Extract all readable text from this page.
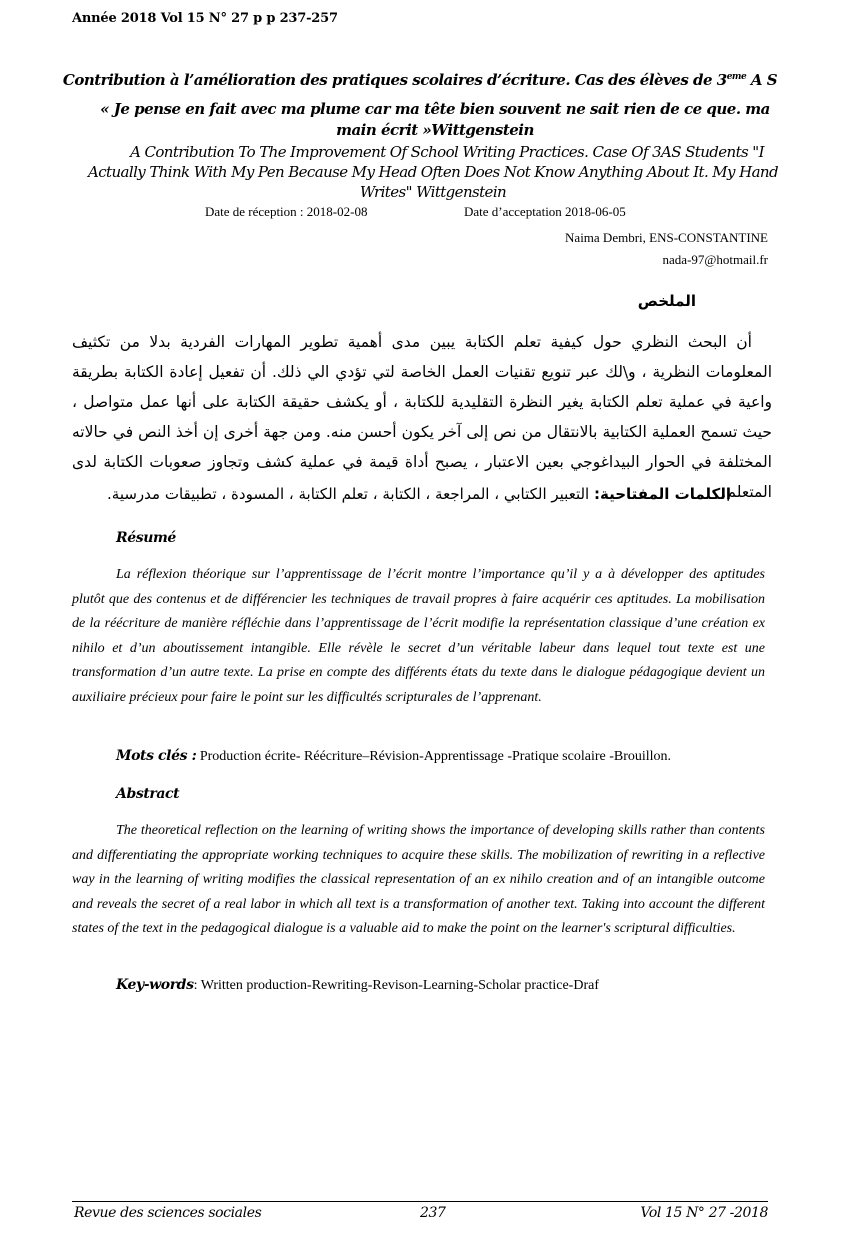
Année 2018 Vol 15 N° 27 p p 237-257
Contribution à l’amélioration des pratiques scolaires d’écriture. Cas des élèves de 3eme A S
« Je pense en fait avec ma plume car ma tête bien souvent ne sait rien de ce que. ma main écrit »Wittgenstein
A Contribution To The Improvement Of School Writing Practices. Case Of 3AS Students "I Actually Think With My Pen Because My Head Often Does Not Know Anything About It. My Hand Writes" Wittgenstein
Date de réception : 2018-02-08	Date d’acceptation 2018-06-05
Naima Dembri, ENS-CONSTANTINE
nada-97@hotmail.fr
الملخص
أن البحث النظري حول كيفية تعلم الكتابة يبين مدى أهمية تطوير المهارات الفردية بدلا من تكثيف المعلومات النظرية ، و\لك عبر تنويع تقنيات العمل الخاصة لتي تؤدي الي ذلك. أن تفعيل إعادة الكتابة بطريقة واعية في عملية تعلم الكتابة يغير النظرة التقليدية للكتابة ، أو يكشف حقيقة الكتابة على أنها عمل متواصل ، حيث تسمح العملية الكتابية بالانتقال من نص إلى آخر يكون أحسن منه. ومن جهة أخرى إن أخذ النص في حالاته المختلفة في الحوار البيداغوجي بعين الاعتبار ، يصبح أداة قيمة في عملية كشف وتجاوز صعوبات الكتابة لدى المتعلم.
الكلمات المفتاحية: التعبير الكتابي ، المراجعة ، الكتابة ، تعلم الكتابة ، المسودة ، تطبيقات مدرسية.
Résumé
La réflexion théorique sur l’apprentissage de l’écrit montre l’importance qu’il y a à développer des aptitudes plutôt que des contenus et de différencier les techniques de travail propres à faire acquérir ces aptitudes. La mobilisation de la réécriture de manière réfléchie dans l’apprentissage de l’écrit modifie la représentation classique d’une création ex nihilo et d’un aboutissement intangible. Elle révèle le secret d’un véritable labeur dans lequel tout texte est une transformation d’un autre texte. La prise en compte des différents états du texte dans le dialogue pédagogique devient un auxiliaire précieux pour faire le point sur les difficultés scripturales de l’apprenant.
Mots clés : Production écrite- Réécriture–Révision-Apprentissage -Pratique scolaire -Brouillon.
Abstract
The theoretical reflection on the learning of writing shows the importance of developing skills rather than contents and differentiating the appropriate working techniques to acquire these skills. The mobilization of rewriting in a reflective way in the learning of writing modifies the classical representation of an ex nihilo creation and of an intangible outcome and reveals the secret of a real labor in which all text is a transformation of another text. Taking into account the different states of the text in the pedagogical dialogue is a valuable aid to make the point on the learner's scriptural difficulties.
Key-words: Written production-Rewriting-Revison-Learning-Scholar practice-Draf
Revue des sciences sociales	237	Vol 15 N° 27 -2018
